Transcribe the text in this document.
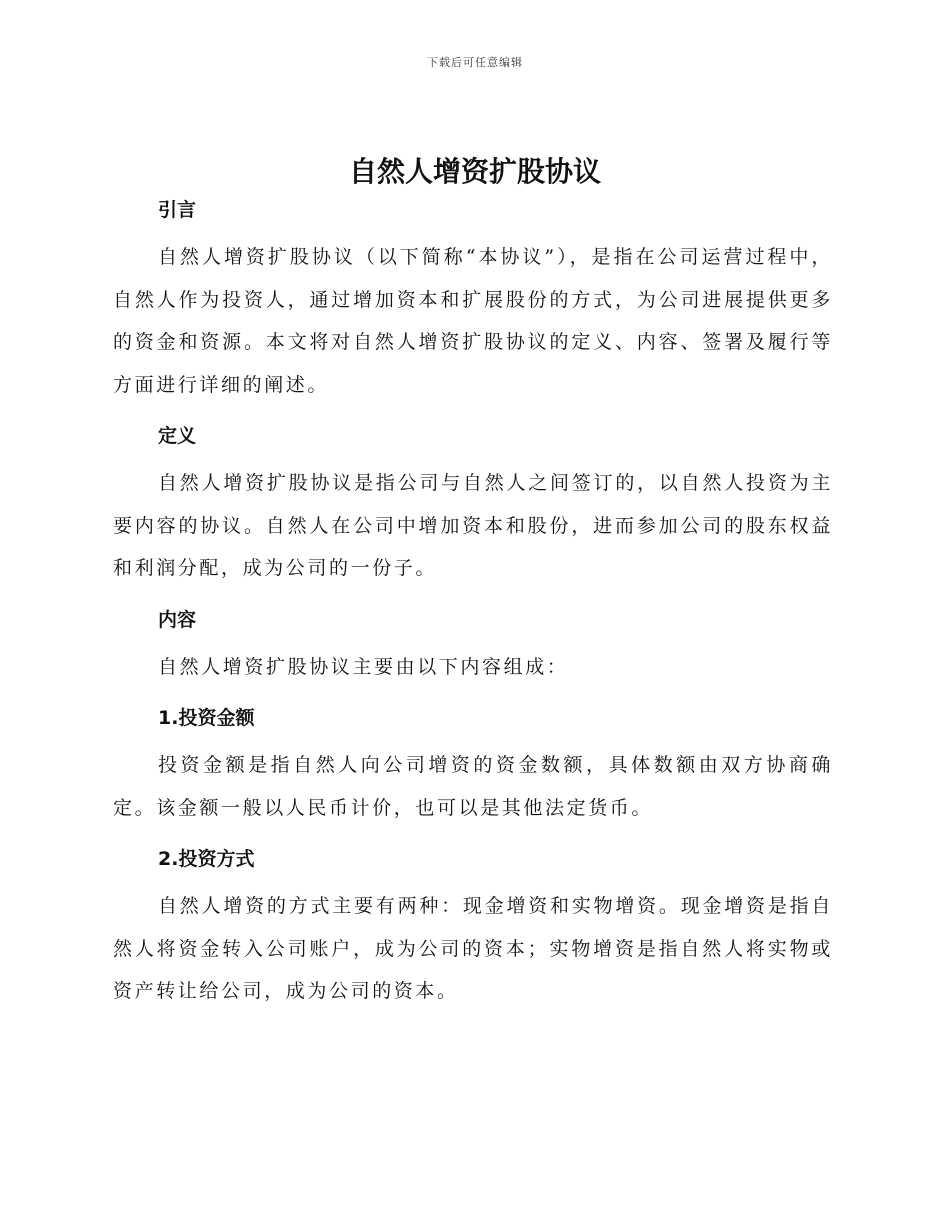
下载后可任意编辑
自然人增资扩股协议
引言

自然人增资扩股协议（以下简称“本协议”），是指在公司运营过程中，自然人作为投资人，通过增加资本和扩展股份的方式，为公司进展提供更多的资金和资源。本文将对自然人增资扩股协议的定义、内容、签署及履行等方面进行详细的阐述。

定义

自然人增资扩股协议是指公司与自然人之间签订的，以自然人投资为主要内容的协议。自然人在公司中增加资本和股份，进而参加公司的股东权益和利润分配，成为公司的一份子。

内容

自然人增资扩股协议主要由以下内容组成：

1.投资金额

投资金额是指自然人向公司增资的资金数额，具体数额由双方协商确定。该金额一般以人民币计价，也可以是其他法定货币。

2.投资方式

自然人增资的方式主要有两种：现金增资和实物增资。现金增资是指自然人将资金转入公司账户，成为公司的资本；实物增资是指自然人将实物或资产转让给公司，成为公司的资本。
